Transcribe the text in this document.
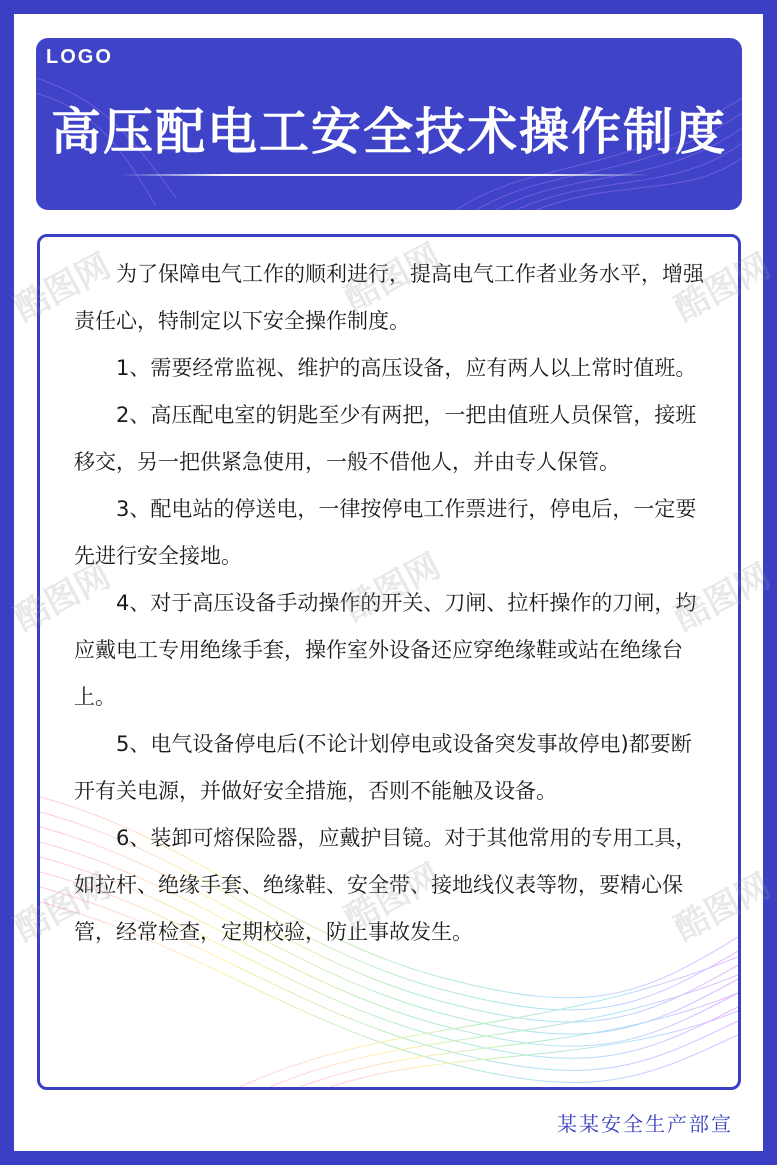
LOGO
高压配电工安全技术操作制度

为了保障电气工作的顺利进行，提高电气工作者业务水平，增强责任心，特制定以下安全操作制度。

1、需要经常监视、维护的高压设备，应有两人以上常时值班。

2、高压配电室的钥匙至少有两把，一把由值班人员保管，接班移交，另一把供紧急使用，一般不借他人，并由专人保管。

3、配电站的停送电，一律按停电工作票进行，停电后，一定要先进行安全接地。

4、对于高压设备手动操作的开关、刀闸、拉杆操作的刀闸，均应戴电工专用绝缘手套，操作室外设备还应穿绝缘鞋或站在绝缘台上。

5、电气设备停电后(不论计划停电或设备突发事故停电)都要断开有关电源，并做好安全措施，否则不能触及设备。

6、装卸可熔保险器，应戴护目镜。对于其他常用的专用工具，如拉杆、绝缘手套、绝缘鞋、安全带、接地线仪表等物，要精心保管，经常检查，定期校验，防止事故发生。

某某安全生产部宣
酷图网	酷图网	酷图网
酷图网	酷图网	酷图网
酷图网	酷图网	酷图网
